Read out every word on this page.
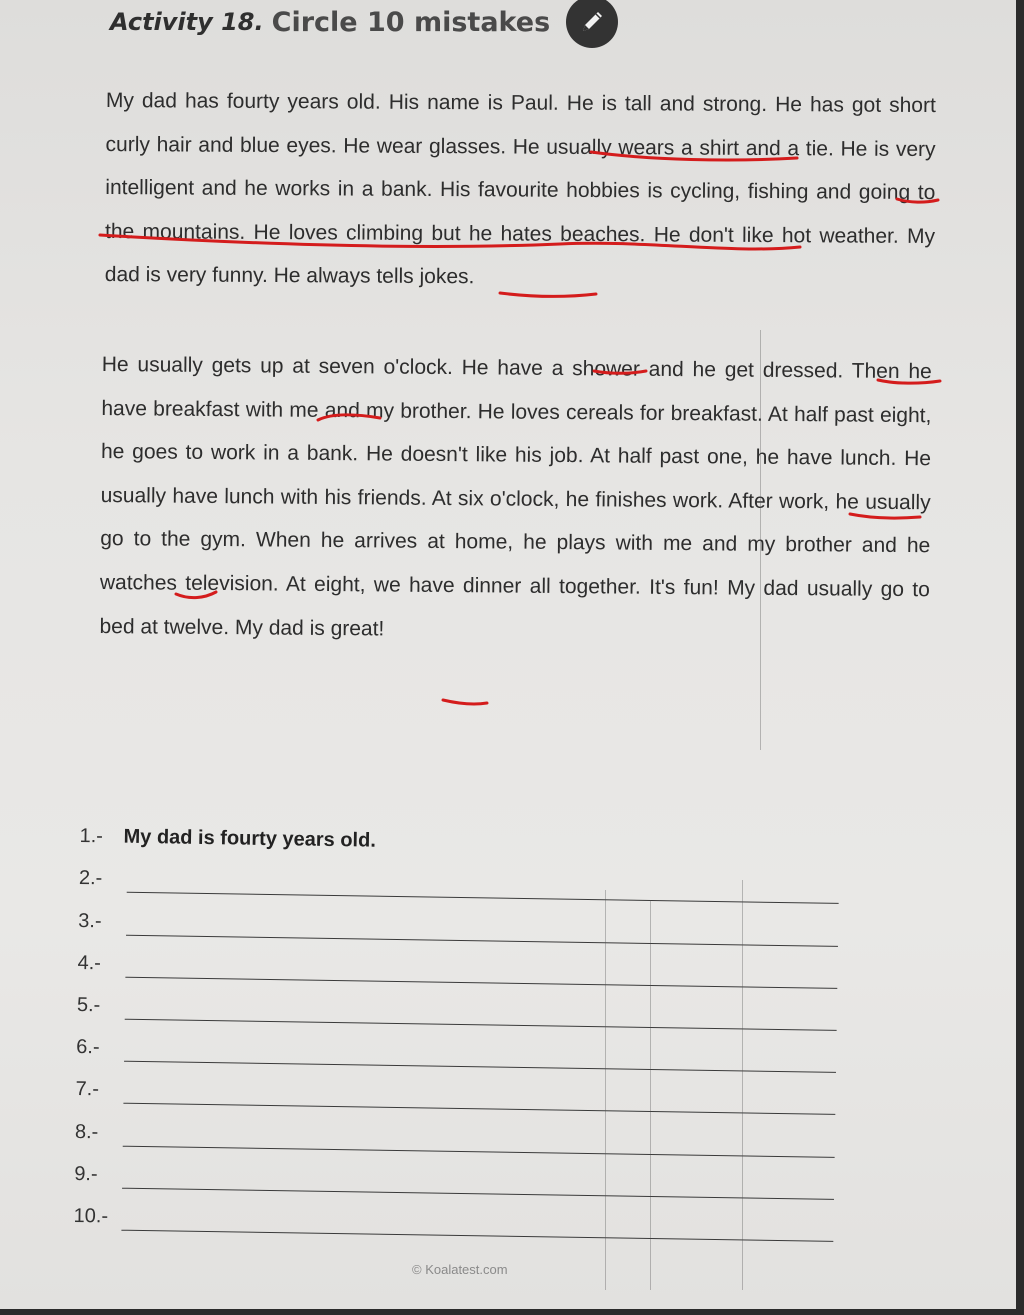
Activity 18. Circle 10 mistakes

My dad has fourty years old. His name is Paul. He is tall and strong. He has got short curly hair and blue eyes. He wear glasses. He usually wears a shirt and a tie. He is very intelligent and he works in a bank. His favourite hobbies is cycling, fishing and going to the mountains. He loves climbing but he hates beaches. He don't like hot weather. My dad is very funny. He always tells jokes.

He usually gets up at seven o'clock. He have a shower and he get dressed. Then he have breakfast with me and my brother. He loves cereals for breakfast. At half past eight, he goes to work in a bank. He doesn't like his job. At half past one, he have lunch. He usually have lunch with his friends. At six o'clock, he finishes work. After work, he usually go to the gym. When he arrives at home, he plays with me and my brother and he watches television. At eight, we have dinner all together. It's fun! My dad usually go to bed at twelve. My dad is great!

1.-	My dad is fourty years old.
2.-
3.-
4.-
5.-
6.-
7.-
8.-
9.-
10.-
© Koalatest.com
